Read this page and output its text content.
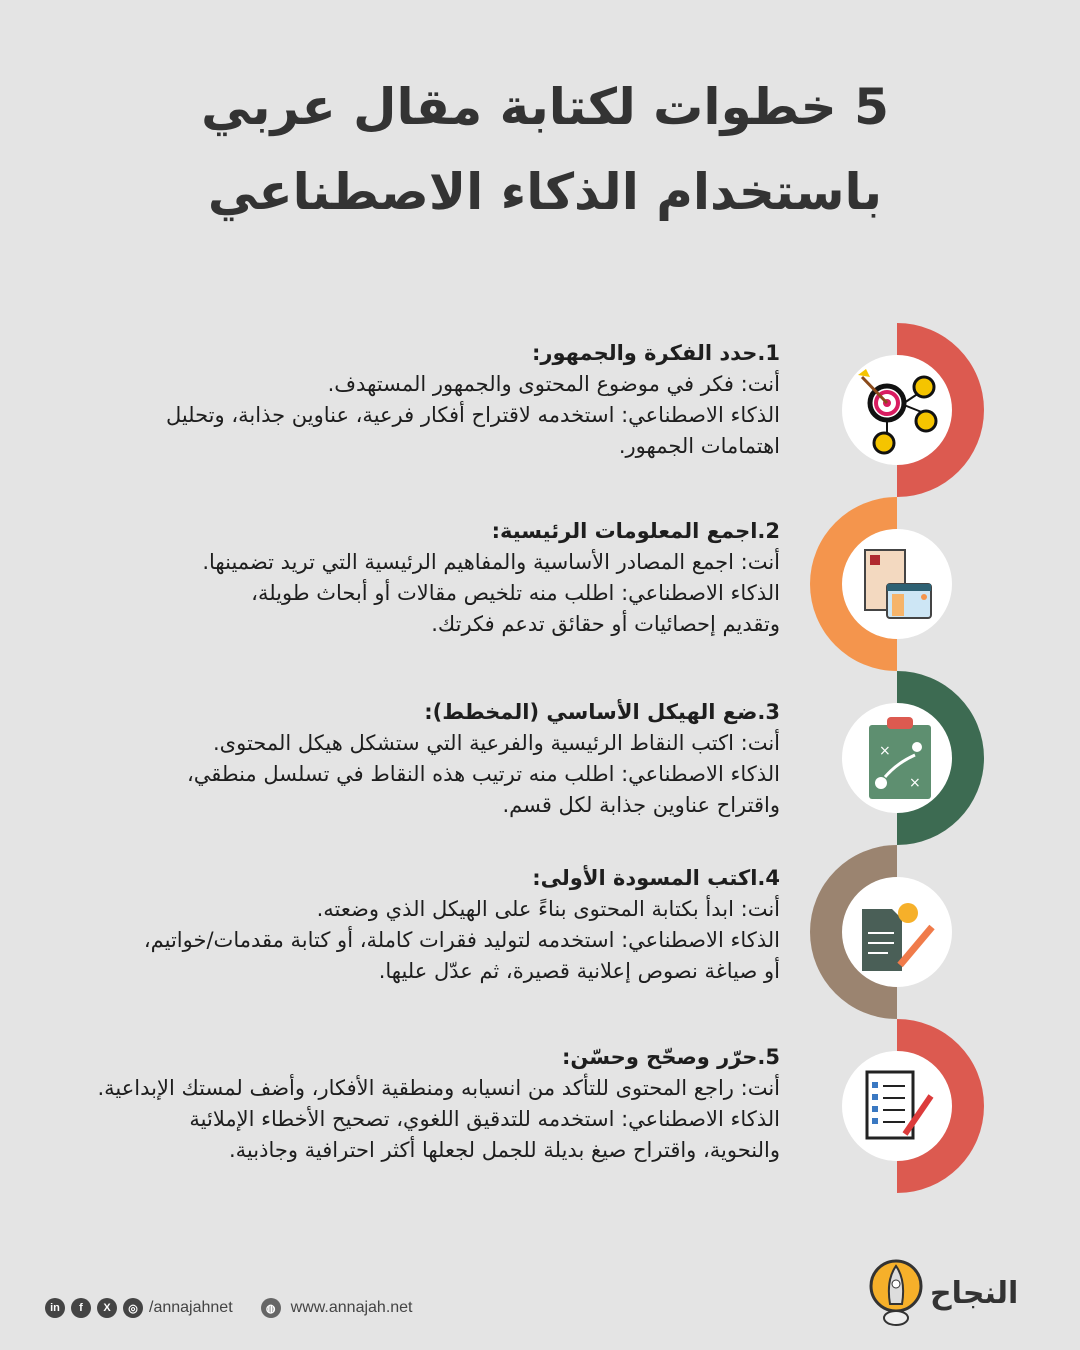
5 خطوات لكتابة مقال عربي
باستخدام الذكاء الاصطناعي
×
×
1.حدد الفكرة والجمهور:

أنت: فكر في موضوع المحتوى والجمهور المستهدف.

الذكاء الاصطناعي: استخدمه لاقتراح أفكار فرعية، عناوين جذابة، وتحليل

اهتمامات الجمهور.

2.اجمع المعلومات الرئيسية:

أنت: اجمع المصادر الأساسية والمفاهيم الرئيسية التي تريد تضمينها.

الذكاء الاصطناعي: اطلب منه تلخيص مقالات أو أبحاث طويلة،

وتقديم إحصائيات أو حقائق تدعم فكرتك.

3.ضع الهيكل الأساسي (المخطط):

أنت: اكتب النقاط الرئيسية والفرعية التي ستشكل هيكل المحتوى.

الذكاء الاصطناعي: اطلب منه ترتيب هذه النقاط في تسلسل منطقي،

واقتراح عناوين جذابة لكل قسم.

4.اكتب المسودة الأولى:

أنت: ابدأ بكتابة المحتوى بناءً على الهيكل الذي وضعته.

الذكاء الاصطناعي: استخدمه لتوليد فقرات كاملة، أو كتابة مقدمات/خواتيم،

أو صياغة نصوص إعلانية قصيرة، ثم عدّل عليها.

5.حرّر وصحّح وحسّن:

أنت: راجع المحتوى للتأكد من انسيابه ومنطقية الأفكار، وأضف لمستك الإبداعية.

الذكاء الاصطناعي: استخدمه للتدقيق اللغوي، تصحيح الأخطاء الإملائية

والنحوية، واقتراح صيغ بديلة للجمل لجعلها أكثر احترافية وجاذبية.

in	f	X	◎ /annajahnet	◍ www.annajah.net	النجاح
